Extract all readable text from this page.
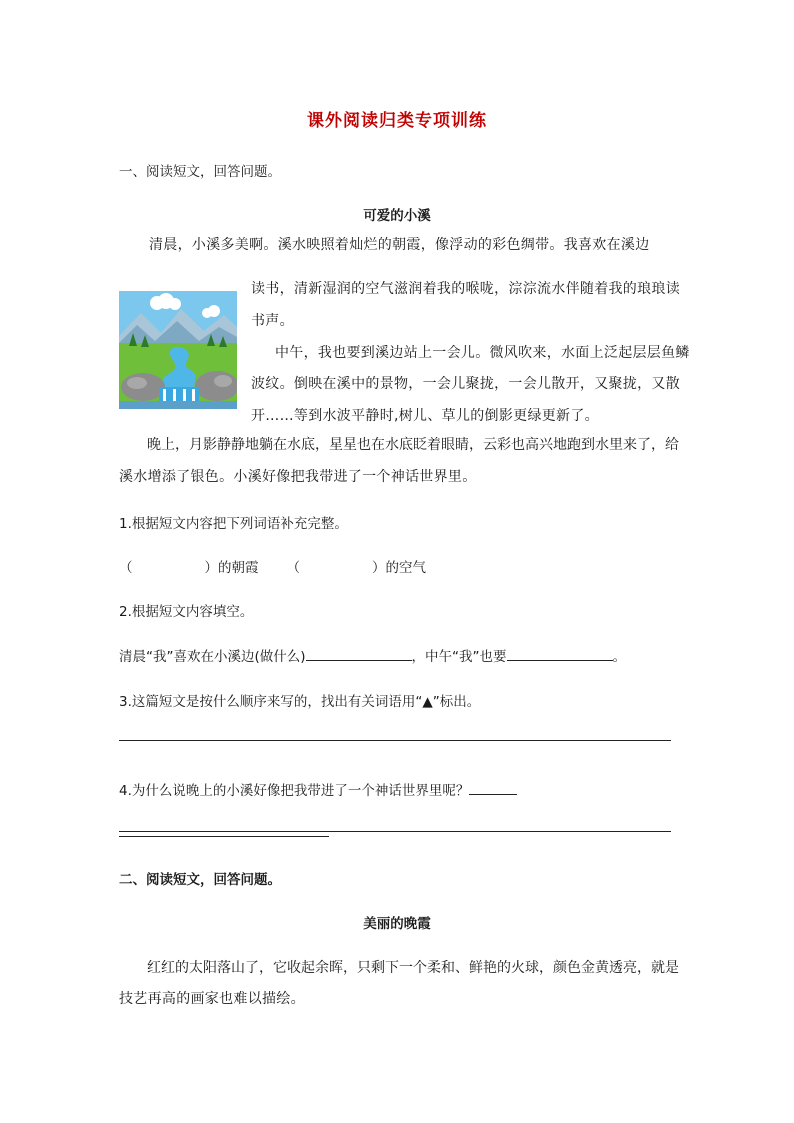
课外阅读归类专项训练
一、阅读短文，回答问题。
可爱的小溪
清晨，小溪多美啊。溪水映照着灿烂的朝霞，像浮动的彩色绸带。我喜欢在溪边
读书，清新湿润的空气滋润着我的喉咙，淙淙流水伴随着我的琅琅读
书声。
中午，我也要到溪边站上一会儿。微风吹来，水面上泛起层层鱼鳞
波纹。倒映在溪中的景物，一会儿聚拢，一会儿散开，又聚拢，又散
开……等到水波平静时,树儿、草儿的倒影更绿更新了。
晚上，月影静静地躺在水底，星星也在水底眨着眼睛，云彩也高兴地跑到水里来了，给
溪水增添了银色。小溪好像把我带进了一个神话世界里。
1.根据短文内容把下列词语补充完整。
（	）的朝霞 （	）的空气
2.根据短文内容填空。
清晨“我”喜欢在小溪边(做什么)	，中午“我”也要	。
3.这篇短文是按什么顺序来写的，找出有关词语用“▲”标出。
4.为什么说晚上的小溪好像把我带进了一个神话世界里呢？
二、阅读短文，回答问题。
美丽的晚霞
红红的太阳落山了，它收起余晖，只剩下一个柔和、鲜艳的火球，颜色金黄透亮，就是
技艺再高的画家也难以描绘。
